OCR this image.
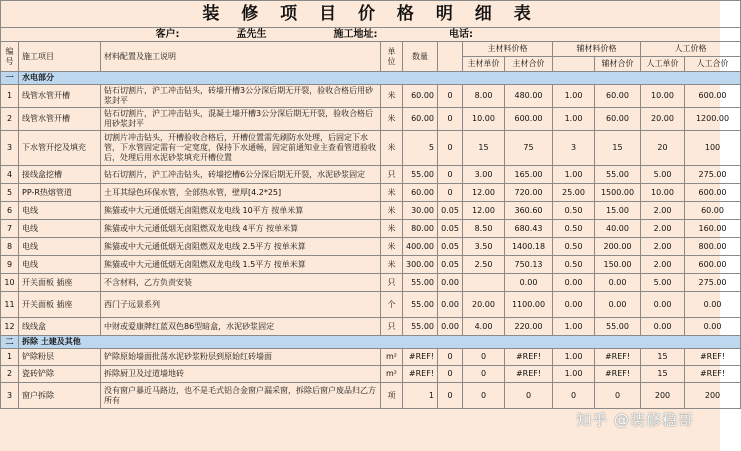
装 修 项 目 价 格 明 细 表											
客户: 孟先生 施工地址:			电话:								
编号	施工项目	材料配置及施工说明	单位	数量		主材料价格		辅材料价格		人工价格	
						主材单价	主材合价		辅材合价	人工单价	人工合价
一	水电部分										
1	线管水管开槽	钻石切割片，沪工冲击钻头，砖墙开槽3公分深后期无开裂，验收合格后用砂浆封平	米	60.00	0	8.00	480.00	1.00	60.00	10.00	600.00
2	线管水管开槽	钻石切割片，沪工冲击钻头，混凝土墙开槽3公分深后期无开裂，验收合格后用砂浆封平	米	60.00	0	10.00	600.00	1.00	60.00	20.00	1200.00
3	下水管开挖及填充	切割片冲击钻头，开槽验收合格后，开槽位置需先刷防水处理，后固定下水管，下水管固定需有一定宽度，保持下水通畅，固定前通知业主查看管道验收后，处理后用水泥砂浆填充开槽位置	米	5	0	15	75	3	15	20	100
4	接线盒挖槽	钻石切割片，沪工冲击钻头，砖墙挖槽6公分深后期无开裂，水泥砂浆固定	只	55.00	0	3.00	165.00	1.00	55.00	5.00	275.00
5	PP-R热熔管道	土耳其绿色环保水管，全部热水管，壁厚[4.2*25]	米	60.00	0	12.00	720.00	25.00	1500.00	10.00	600.00
6	电线	熊猫或中大元通低烟无卤阻燃双龙电线 10平方 按单米算	米	30.00	0.05	12.00	360.60	0.50	15.00	2.00	60.00
7	电线	熊猫或中大元通低烟无卤阻燃双龙电线 4平方 按单米算	米	80.00	0.05	8.50	680.43	0.50	40.00	2.00	160.00
8	电线	熊猫或中大元通低烟无卤阻燃双龙电线 2.5平方 按单米算	米	400.00	0.05	3.50	1400.18	0.50	200.00	2.00	800.00
9	电线	熊猫或中大元通低烟无卤阻燃双龙电线 1.5平方 按单米算	米	300.00	0.05	2.50	750.13	0.50	150.00	2.00	600.00
10	开关面板 插座	不含材料，乙方负责安装	只	55.00	0.00		0.00	0.00	0.00	5.00	275.00
11	开关面板 插座	西门子远景系列	个	55.00	0.00	20.00	1100.00	0.00	0.00	0.00	0.00
12	线线盒	中财或爱康牌红蓝双色86型暗盒，水泥砂浆固定	只	55.00	0.00	4.00	220.00	1.00	55.00	0.00	0.00
二	拆除 土建及其他										
1	铲除粉层	铲除原始墙面批荡水泥砂浆粉层到原始红砖墙面	m²	#REF!	0	0	#REF!	1.00	#REF!	15	#REF!
2	瓷砖铲除	拆除厨卫及过道墙地砖	m²	#REF!	0	0	#REF!	1.00	#REF!	15	#REF!
3	窗户拆除	没有窗户暴近马路边，也不是毛式铝合金窗户漏采窗，拆除后窗户废品归乙方所有	项	1	0	0	0	0	0	200	200
知乎 @装修稳哥
